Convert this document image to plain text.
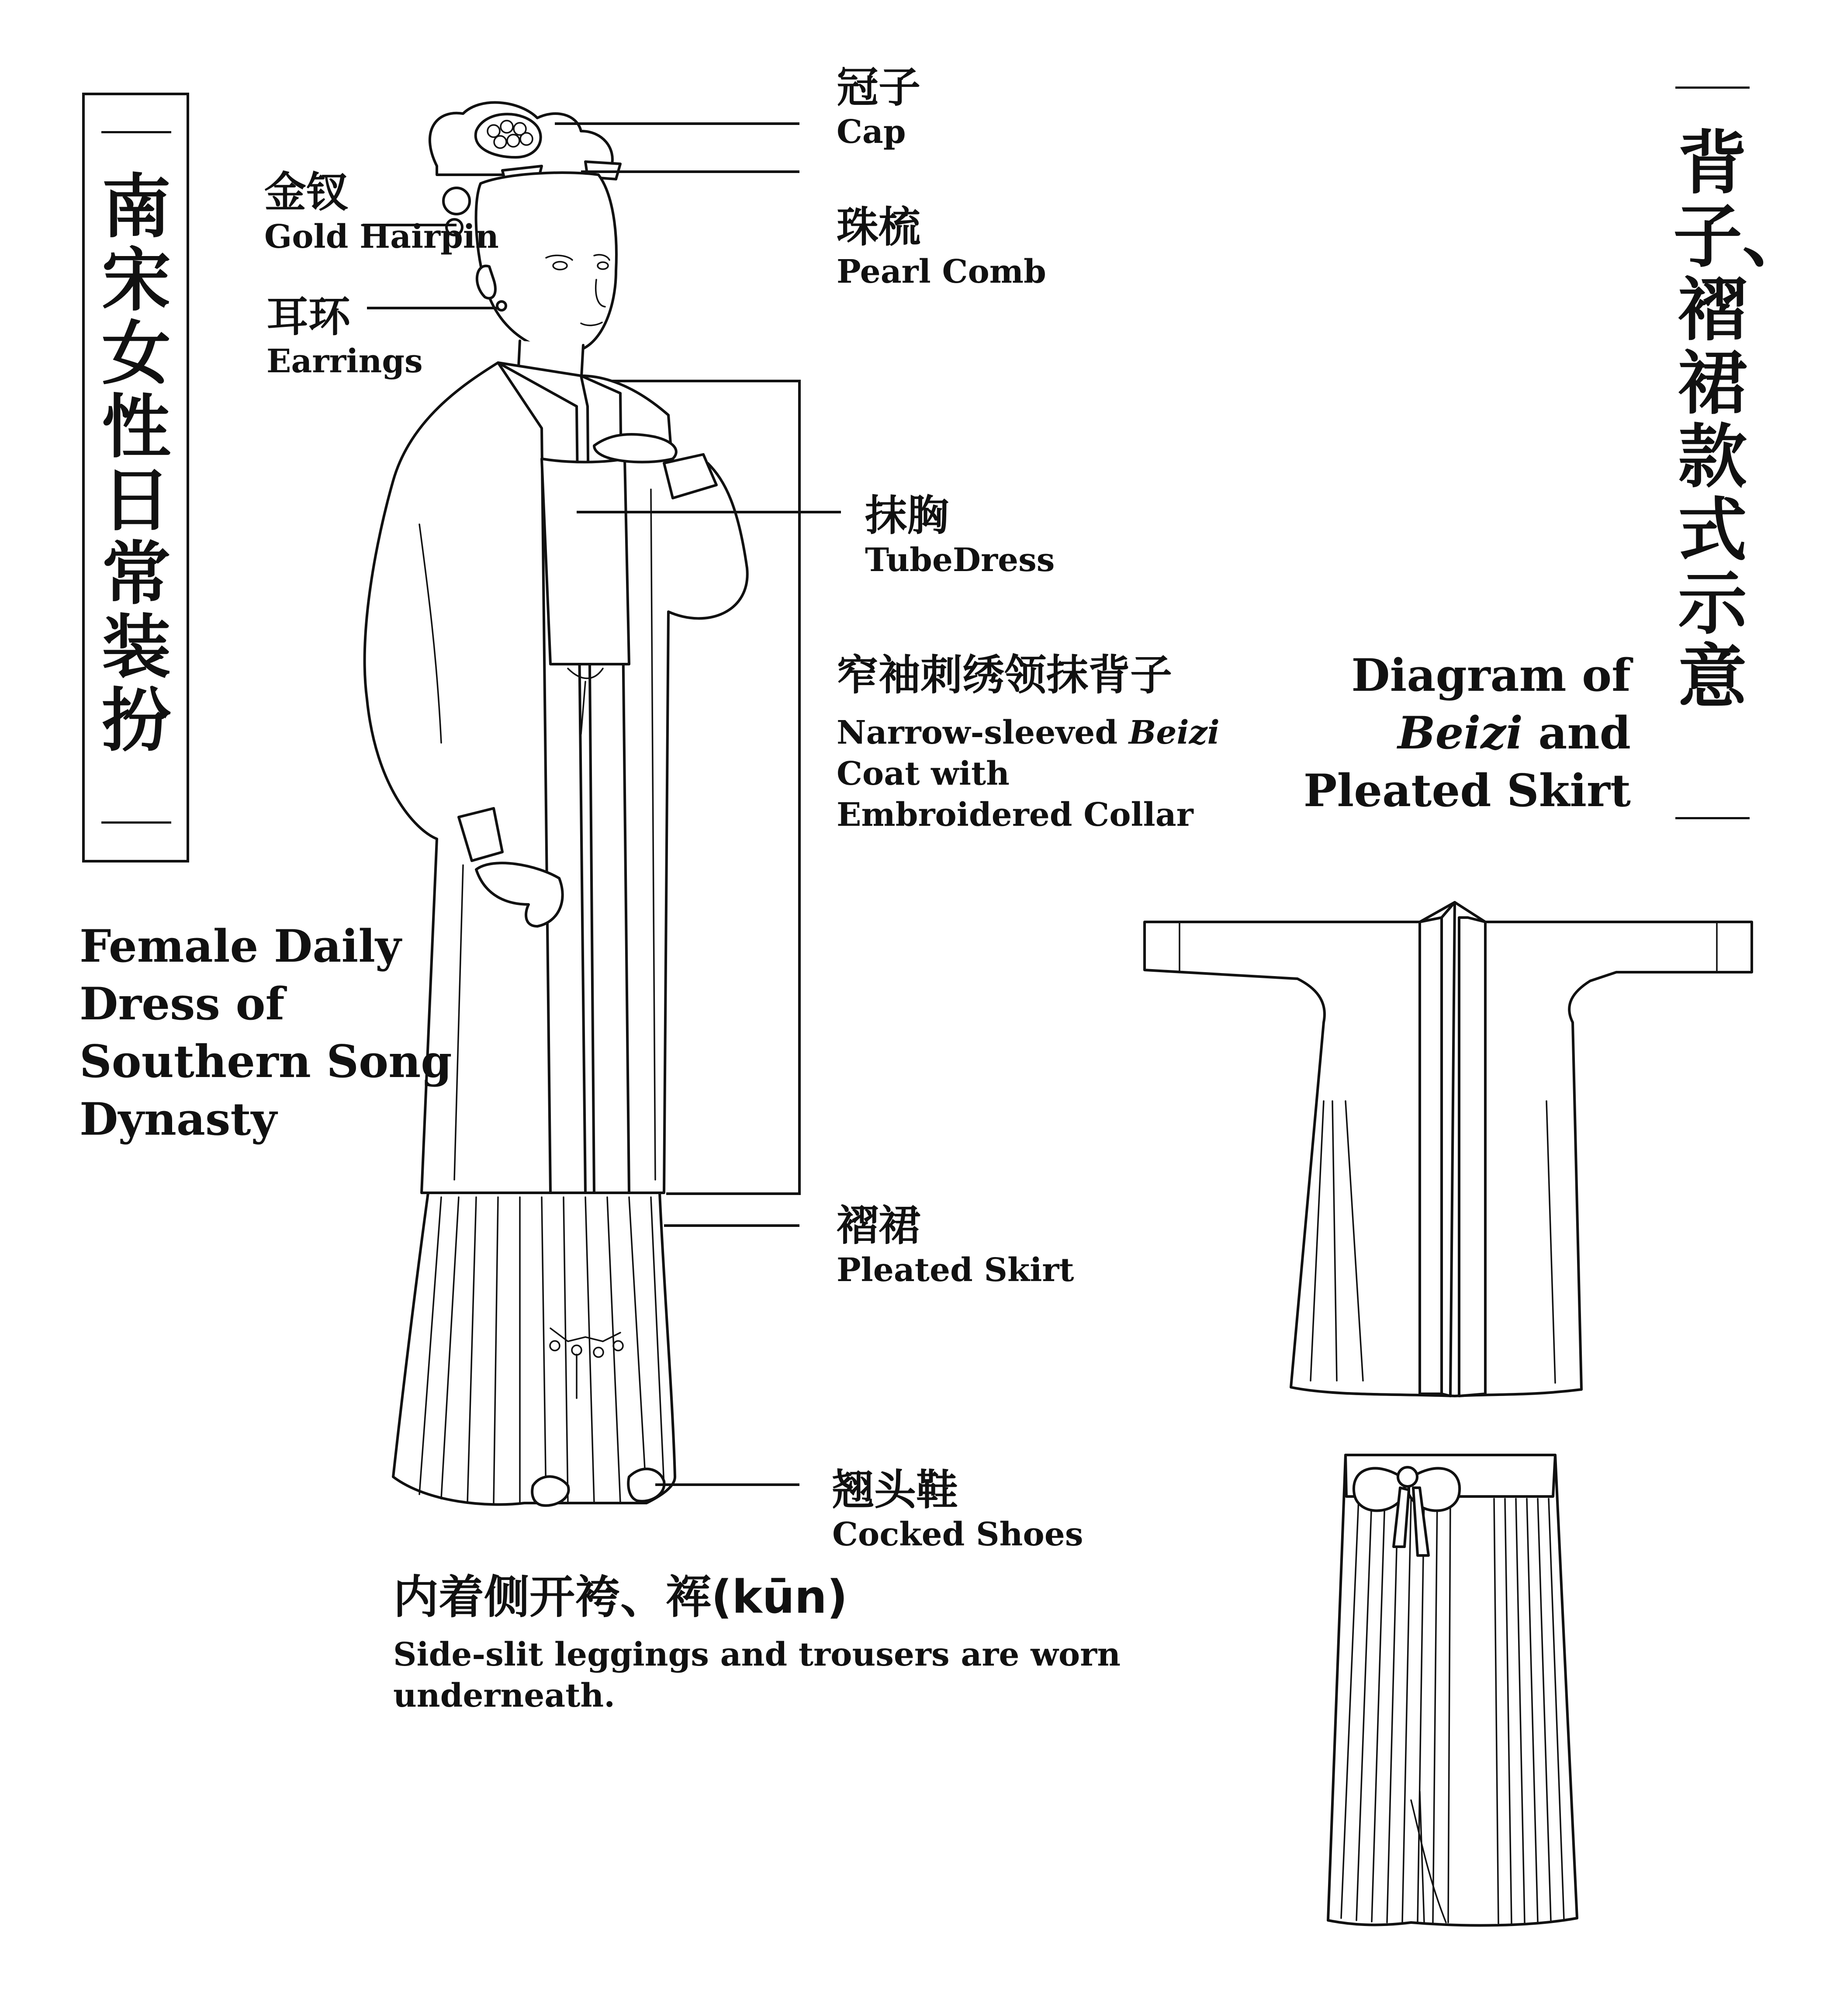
南宋女性日常装扮
Female Daily
Dress of
Southern Song
Dynasty
背子、褶裙款式示意
Diagram of
Beizi and
Pleated Skirt
冠子
Cap
金钗
Gold Hairpin	珠梳
Pearl Comb
耳环
Earrings
抹胸
TubeDress
窄袖刺绣领抹背子
Narrow-sleeved Beizi
Coat with
Embroidered Collar
褶裙
Pleated Skirt
翘头鞋
Cocked Shoes
内着侧开袴、裈(kūn)
Side-slit leggings and trousers are worn
underneath.
